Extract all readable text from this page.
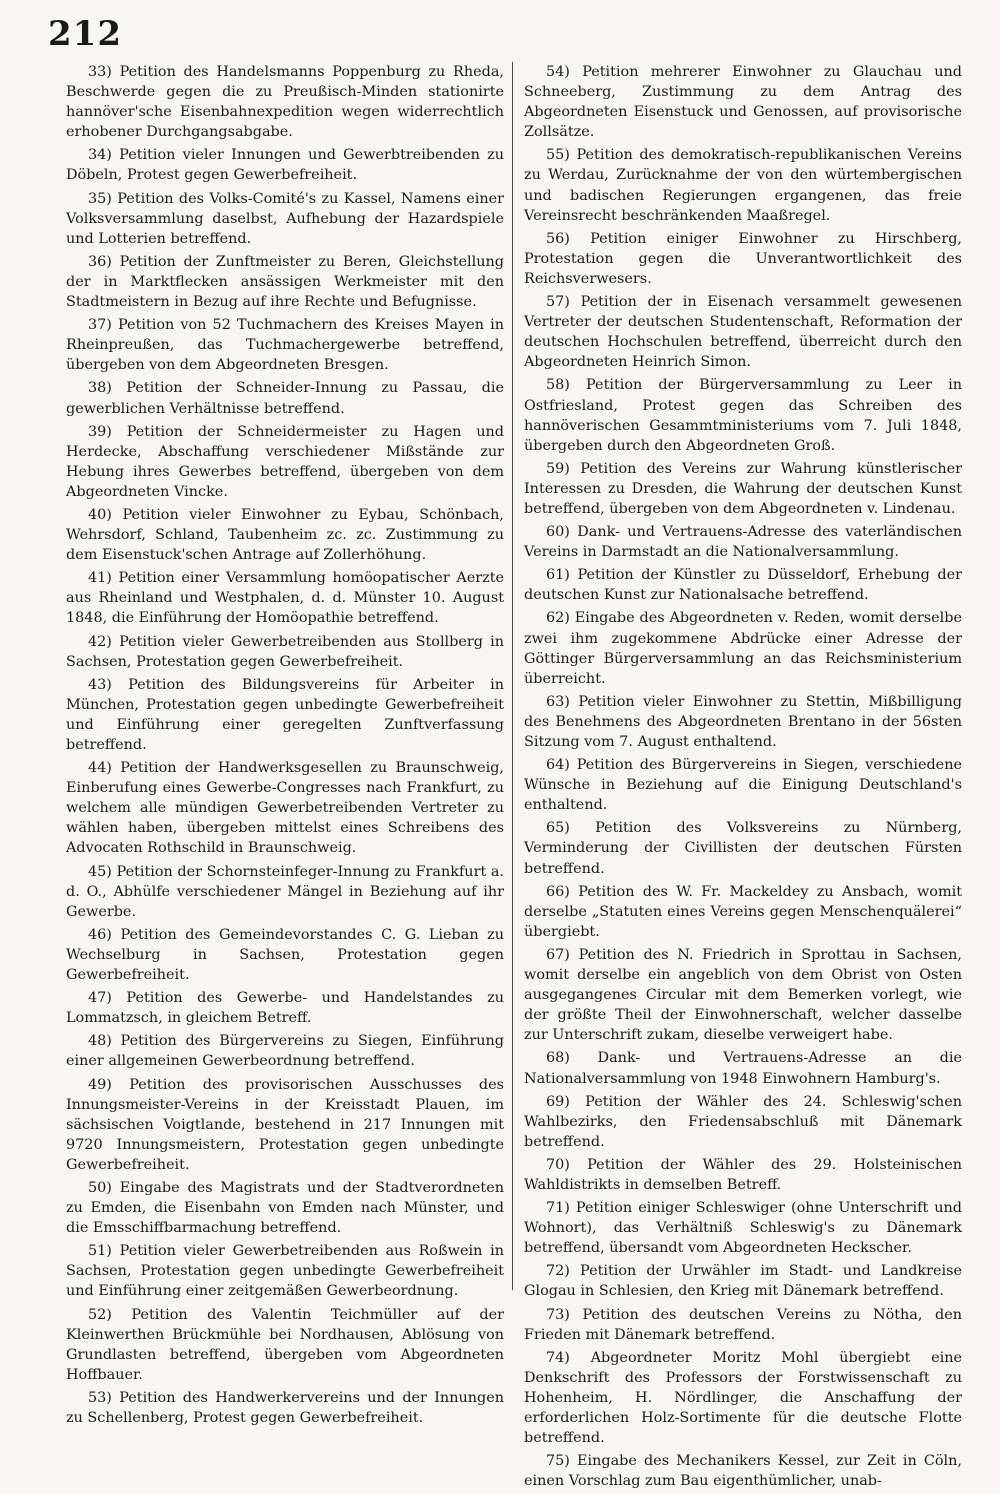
212

33) Petition des Handelsmanns Poppenburg zu Rheda, Beschwerde gegen die zu Preußisch-Minden stationirte hannöver'sche Eisenbahnexpedition wegen widerrechtlich erhobener Durchgangsabgabe.

34) Petition vieler Innungen und Gewerbtreibenden zu Döbeln, Protest gegen Gewerbefreiheit.

35) Petition des Volks-Comité's zu Kassel, Namens einer Volksversammlung daselbst, Aufhebung der Hazardspiele und Lotterien betreffend.

36) Petition der Zunftmeister zu Beren, Gleichstellung der in Marktflecken ansässigen Werkmeister mit den Stadtmeistern in Bezug auf ihre Rechte und Befugnisse.

37) Petition von 52 Tuchmachern des Kreises Mayen in Rheinpreußen, das Tuchmachergewerbe betreffend, übergeben von dem Abgeordneten Bresgen.

38) Petition der Schneider-Innung zu Passau, die gewerblichen Verhältnisse betreffend.

39) Petition der Schneidermeister zu Hagen und Herdecke, Abschaffung verschiedener Mißstände zur Hebung ihres Gewerbes betreffend, übergeben von dem Abgeordneten Vincke.

40) Petition vieler Einwohner zu Eybau, Schönbach, Wehrsdorf, Schland, Taubenheim zc. zc. Zustimmung zu dem Eisenstuck'schen Antrage auf Zollerhöhung.

41) Petition einer Versammlung homöopatischer Aerzte aus Rheinland und Westphalen, d. d. Münster 10. August 1848, die Einführung der Homöopathie betreffend.

42) Petition vieler Gewerbetreibenden aus Stollberg in Sachsen, Protestation gegen Gewerbefreiheit.

43) Petition des Bildungsvereins für Arbeiter in München, Protestation gegen unbedingte Gewerbefreiheit und Einführung einer geregelten Zunftverfassung betreffend.

44) Petition der Handwerksgesellen zu Braunschweig, Einberufung eines Gewerbe-Congresses nach Frankfurt, zu welchem alle mündigen Gewerbetreibenden Vertreter zu wählen haben, übergeben mittelst eines Schreibens des Advocaten Rothschild in Braunschweig.

45) Petition der Schornsteinfeger-Innung zu Frankfurt a. d. O., Abhülfe verschiedener Mängel in Beziehung auf ihr Gewerbe.

46) Petition des Gemeindevorstandes C. G. Lieban zu Wechselburg in Sachsen, Protestation gegen Gewerbefreiheit.

47) Petition des Gewerbe- und Handelstandes zu Lommatzsch, in gleichem Betreff.

48) Petition des Bürgervereins zu Siegen, Einführung einer allgemeinen Gewerbeordnung betreffend.

49) Petition des provisorischen Ausschusses des Innungsmeister-Vereins in der Kreisstadt Plauen, im sächsischen Voigtlande, bestehend in 217 Innungen mit 9720 Innungsmeistern, Protestation gegen unbedingte Gewerbefreiheit.

50) Eingabe des Magistrats und der Stadtverordneten zu Emden, die Eisenbahn von Emden nach Münster, und die Emsschiffbarmachung betreffend.

51) Petition vieler Gewerbetreibenden aus Roßwein in Sachsen, Protestation gegen unbedingte Gewerbefreiheit und Einführung einer zeitgemäßen Gewerbeordnung.

52) Petition des Valentin Teichmüller auf der Kleinwerthen Brückmühle bei Nordhausen, Ablösung von Grundlasten betreffend, übergeben vom Abgeordneten Hoffbauer.

53) Petition des Handwerkervereins und der Innungen zu Schellenberg, Protest gegen Gewerbefreiheit.

54) Petition mehrerer Einwohner zu Glauchau und Schneeberg, Zustimmung zu dem Antrag des Abgeordneten Eisenstuck und Genossen, auf provisorische Zollsätze.

55) Petition des demokratisch-republikanischen Vereins zu Werdau, Zurücknahme der von den würtembergischen und badischen Regierungen ergangenen, das freie Vereinsrecht beschränkenden Maaßregel.

56) Petition einiger Einwohner zu Hirschberg, Protestation gegen die Unverantwortlichkeit des Reichsverwesers.

57) Petition der in Eisenach versammelt gewesenen Vertreter der deutschen Studentenschaft, Reformation der deutschen Hochschulen betreffend, überreicht durch den Abgeordneten Heinrich Simon.

58) Petition der Bürgerversammlung zu Leer in Ostfriesland, Protest gegen das Schreiben des hannöverischen Gesammtministeriums vom 7. Juli 1848, übergeben durch den Abgeordneten Groß.

59) Petition des Vereins zur Wahrung künstlerischer Interessen zu Dresden, die Wahrung der deutschen Kunst betreffend, übergeben von dem Abgeordneten v. Lindenau.

60) Dank- und Vertrauens-Adresse des vaterländischen Vereins in Darmstadt an die Nationalversammlung.

61) Petition der Künstler zu Düsseldorf, Erhebung der deutschen Kunst zur Nationalsache betreffend.

62) Eingabe des Abgeordneten v. Reden, womit derselbe zwei ihm zugekommene Abdrücke einer Adresse der Göttinger Bürgerversammlung an das Reichsministerium überreicht.

63) Petition vieler Einwohner zu Stettin, Mißbilligung des Benehmens des Abgeordneten Brentano in der 56sten Sitzung vom 7. August enthaltend.

64) Petition des Bürgervereins in Siegen, verschiedene Wünsche in Beziehung auf die Einigung Deutschland's enthaltend.

65) Petition des Volksvereins zu Nürnberg, Verminderung der Civillisten der deutschen Fürsten betreffend.

66) Petition des W. Fr. Mackeldey zu Ansbach, womit derselbe „Statuten eines Vereins gegen Menschenquälerei“ übergiebt.

67) Petition des N. Friedrich in Sprottau in Sachsen, womit derselbe ein angeblich von dem Obrist von Osten ausgegangenes Circular mit dem Bemerken vorlegt, wie der größte Theil der Einwohnerschaft, welcher dasselbe zur Unterschrift zukam, dieselbe verweigert habe.

68) Dank- und Vertrauens-Adresse an die Nationalversammlung von 1948 Einwohnern Hamburg's.

69) Petition der Wähler des 24. Schleswig'schen Wahlbezirks, den Friedensabschluß mit Dänemark betreffend.

70) Petition der Wähler des 29. Holsteinischen Wahldistrikts in demselben Betreff.

71) Petition einiger Schleswiger (ohne Unterschrift und Wohnort), das Verhältniß Schleswig's zu Dänemark betreffend, übersandt vom Abgeordneten Heckscher.

72) Petition der Urwähler im Stadt- und Landkreise Glogau in Schlesien, den Krieg mit Dänemark betreffend.

73) Petition des deutschen Vereins zu Nötha, den Frieden mit Dänemark betreffend.

74) Abgeordneter Moritz Mohl übergiebt eine Denkschrift des Professors der Forstwissenschaft zu Hohenheim, H. Nördlinger, die Anschaffung der erforderlichen Holz-Sortimente für die deutsche Flotte betreffend.

75) Eingabe des Mechanikers Kessel, zur Zeit in Cöln, einen Vorschlag zum Bau eigenthümlicher, unab-
